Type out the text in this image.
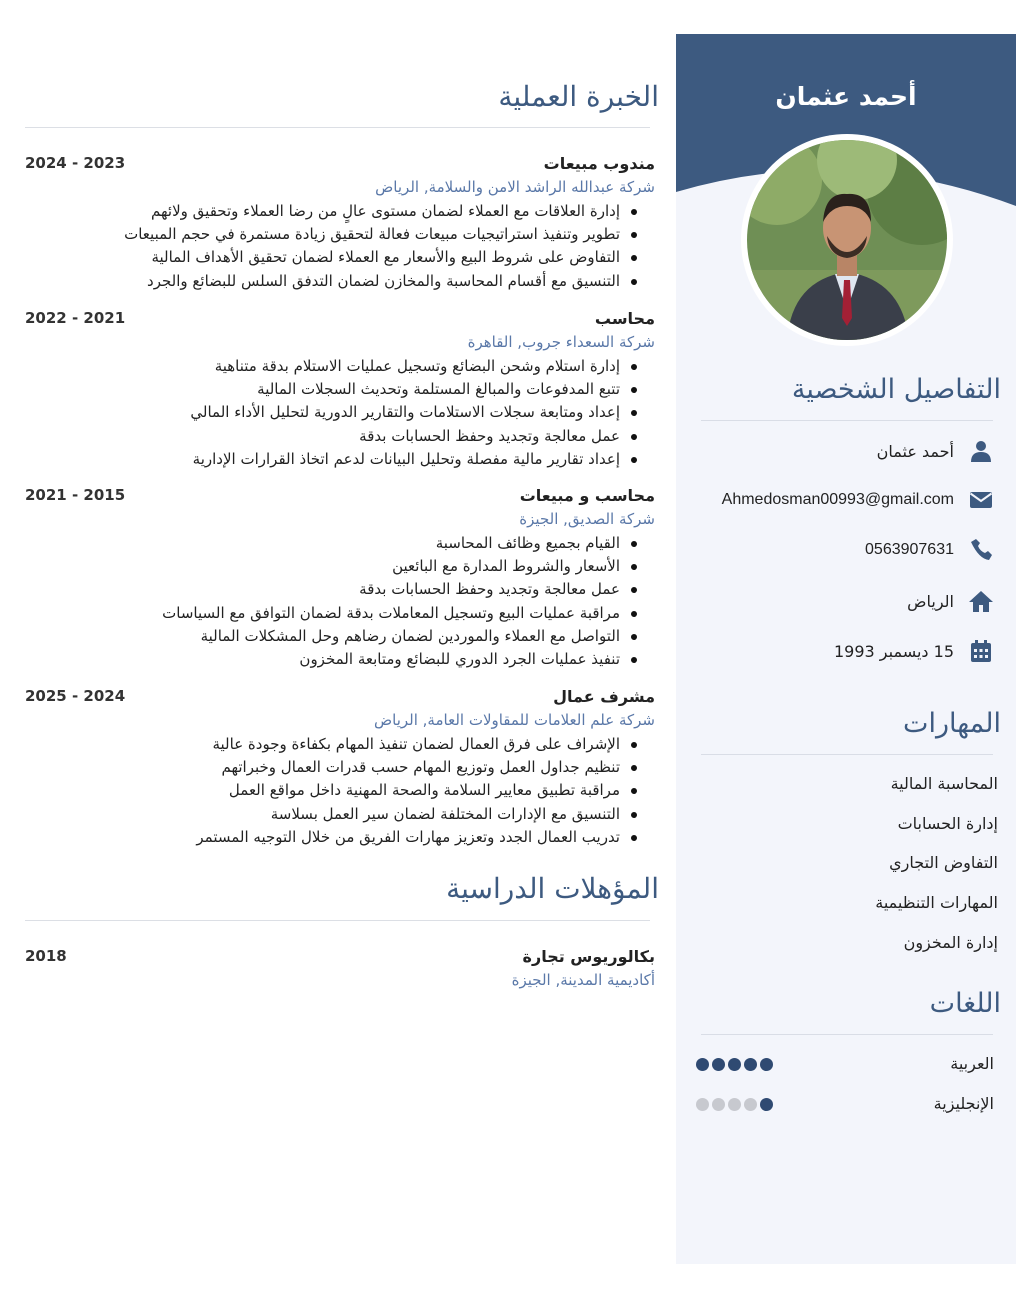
أحمد عثمان
التفاصيل الشخصية
أحمد عثمان
Ahmedosman00993@gmail.com
0563907631
الرياض
15 ديسمبر 1993
المهارات
المحاسبة المالية
إدارة الحسابات
التفاوض التجاري
المهارات التنظيمية
إدارة المخزون
اللغات
العربية
الإنجليزية
الخبرة العملية
مندوب مبيعات
2024 - 2023
شركة عبدالله الراشد الامن والسلامة, الرياض
إدارة العلاقات مع العملاء لضمان مستوى عالٍ من رضا العملاء وتحقيق ولائهم
تطوير وتنفيذ استراتيجيات مبيعات فعالة لتحقيق زيادة مستمرة في حجم المبيعات
التفاوض على شروط البيع والأسعار مع العملاء لضمان تحقيق الأهداف المالية
التنسيق مع أقسام المحاسبة والمخازن لضمان التدفق السلس للبضائع والجرد
محاسب
2022 - 2021
شركة السعداء جروب, القاهرة
إدارة استلام وشحن البضائع وتسجيل عمليات الاستلام بدقة متناهية
تتبع المدفوعات والمبالغ المستلمة وتحديث السجلات المالية
إعداد ومتابعة سجلات الاستلامات والتقارير الدورية لتحليل الأداء المالي
عمل معالجة وتجديد وحفظ الحسابات بدقة
إعداد تقارير مالية مفصلة وتحليل البيانات لدعم اتخاذ القرارات الإدارية
محاسب و مبيعات
2021 - 2015
شركة الصديق, الجيزة
القيام بجميع وظائف المحاسبة
الأسعار والشروط المدارة مع البائعين
عمل معالجة وتجديد وحفظ الحسابات بدقة
مراقبة عمليات البيع وتسجيل المعاملات بدقة لضمان التوافق مع السياسات
التواصل مع العملاء والموردين لضمان رضاهم وحل المشكلات المالية
تنفيذ عمليات الجرد الدوري للبضائع ومتابعة المخزون
مشرف عمال
2025 - 2024
شركة علم العلامات للمقاولات العامة, الرياض
الإشراف على فرق العمال لضمان تنفيذ المهام بكفاءة وجودة عالية
تنظيم جداول العمل وتوزيع المهام حسب قدرات العمال وخبراتهم
مراقبة تطبيق معايير السلامة والصحة المهنية داخل مواقع العمل
التنسيق مع الإدارات المختلفة لضمان سير العمل بسلاسة
تدريب العمال الجدد وتعزيز مهارات الفريق من خلال التوجيه المستمر
المؤهلات الدراسية
بكالوريوس تجارة
2018
أكاديمية المدينة, الجيزة
